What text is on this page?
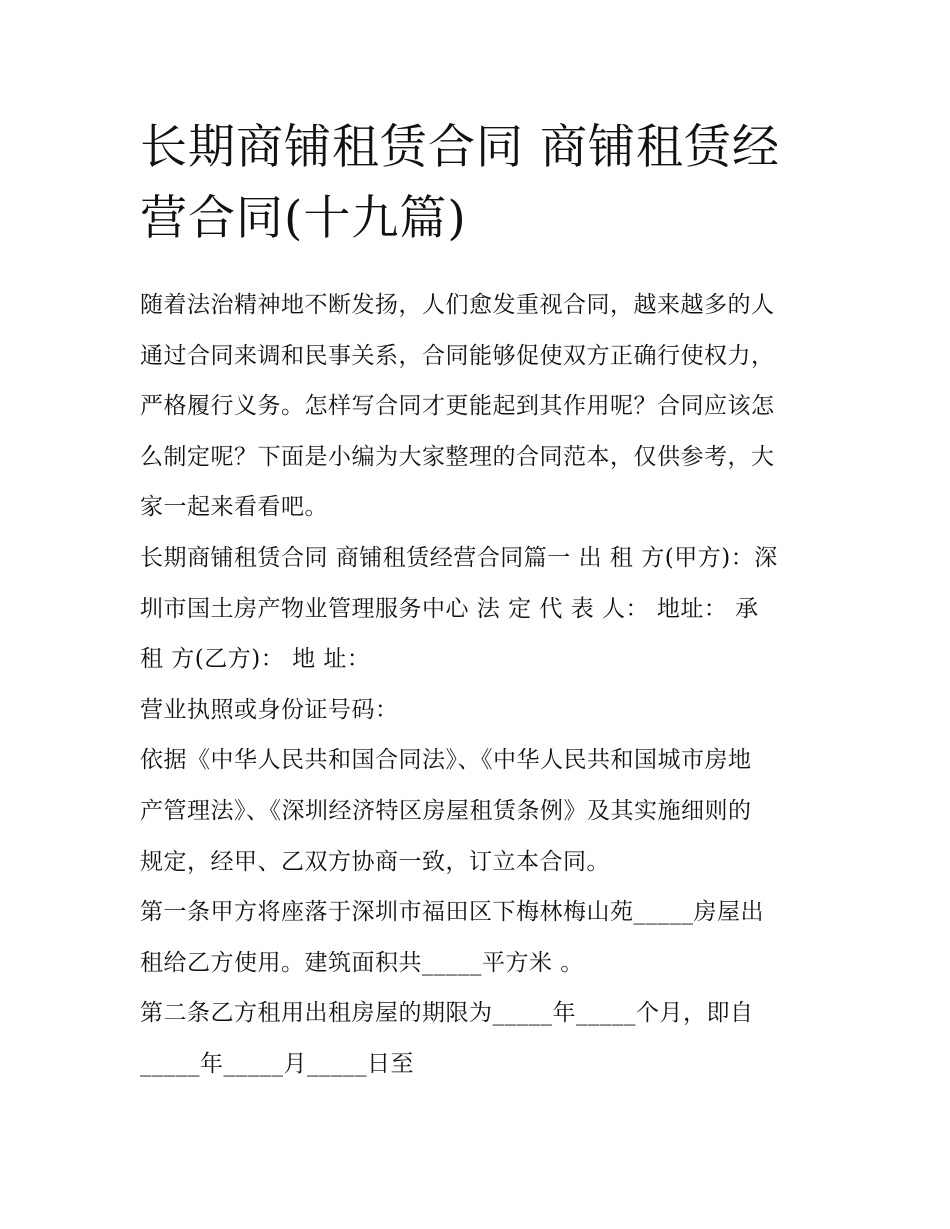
长期商铺租赁合同 商铺租赁经
营合同(十九篇)

随着法治精神地不断发扬，人们愈发重视合同，越来越多的人
通过合同来调和民事关系，合同能够促使双方正确行使权力，
严格履行义务。怎样写合同才更能起到其作用呢？合同应该怎
么制定呢？下面是小编为大家整理的合同范本，仅供参考，大
家一起来看看吧。

长期商铺租赁合同 商铺租赁经营合同篇一 出 租 方(甲方)：深
圳市国土房产物业管理服务中心 法 定 代 表 人： 地址： 承
租 方(乙方)： 地 址：

营业执照或身份证号码：

依据《中华人民共和国合同法》、《中华人民共和国城市房地
产管理法》、《深圳经济特区房屋租赁条例》及其实施细则的
规定，经甲、乙双方协商一致，订立本合同。

第一条甲方将座落于深圳市福田区下梅林梅山苑_____房屋出
租给乙方使用。建筑面积共_____平方米 。

第二条乙方租用出租房屋的期限为_____年_____个月，即自
_____年_____月_____日至
